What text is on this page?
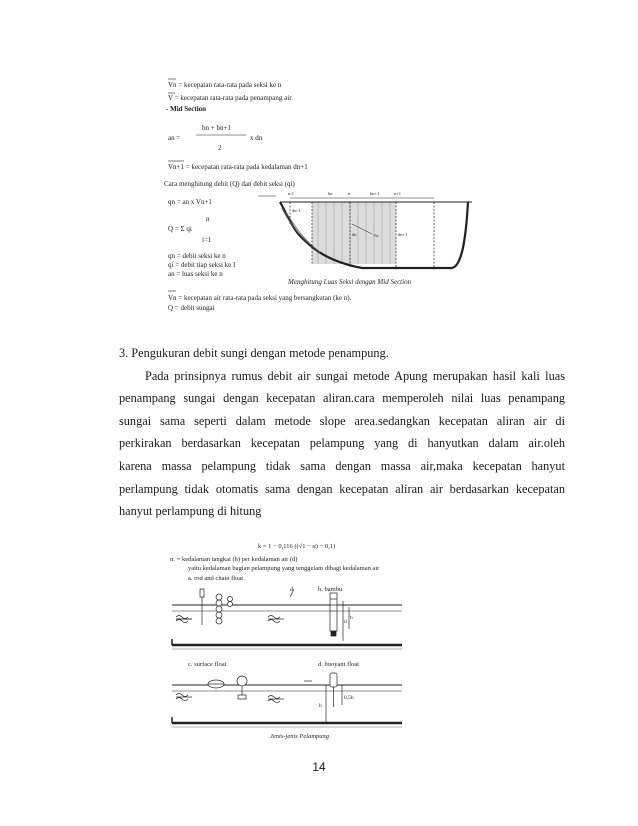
Vn = kecepatan rata-rata pada seksi ke n
V = kecepatan rata-rata pada penampang air.
- Mid Section
bn + bn+1
an =	x dn
2
Vn+1 = kecepatan rata-rata pada kedalaman dn+1
Cara menghitung debit (Q) dan debit seksi (qi)
qn = an x Vn+1
n
Q = Σ qi
i=1
qn = debit seksi ke n
qi = debit tiap seksi ke I
an = luas seksi ke n
Vn = kecepatan air rata-rata pada seksi yang bersangkutan (ke n).
Q = debit sungai
Menghitung Luas Seksi dengan Mid Section
n-1	bn	n	bn+1	n+1
dn-1
dn	dn+1
Vn
3. Pengukuran debit sungi dengan metode penampung.
Pada prinsipnya rumus debit air sungai metode Apung merupakan hasil kali luas
penampang sungai dengan kecepatan aliran.cara memperoleh nilai luas penampang
sungai sama seperti dalam metode slope area.sedangkan kecepatan aliran air di
perkirakan berdasarkan kecepatan pelampung yang di hanyutkan dalam air.oleh
karena massa pelampung tidak sama dengan massa air,maka kecepatan hanyut
perlampung tidak otomatis sama dengan kecepatan aliran air berdasarkan kecepatan
hanyut perlampung di hitung
k = 1 − 0,116 ((√1 − α) − 0,1)
α. = kedalaman tangkai (h) per kedalaman air (d)
yaitu kedalaman bagian pelampung yang tenggelam dibagi kedalaman air
a. rod and chain float
b. bambu
c. surface float	d. buoyant float
Jenis-jenis Pelampung
d
d
h
h
0,5h
14
